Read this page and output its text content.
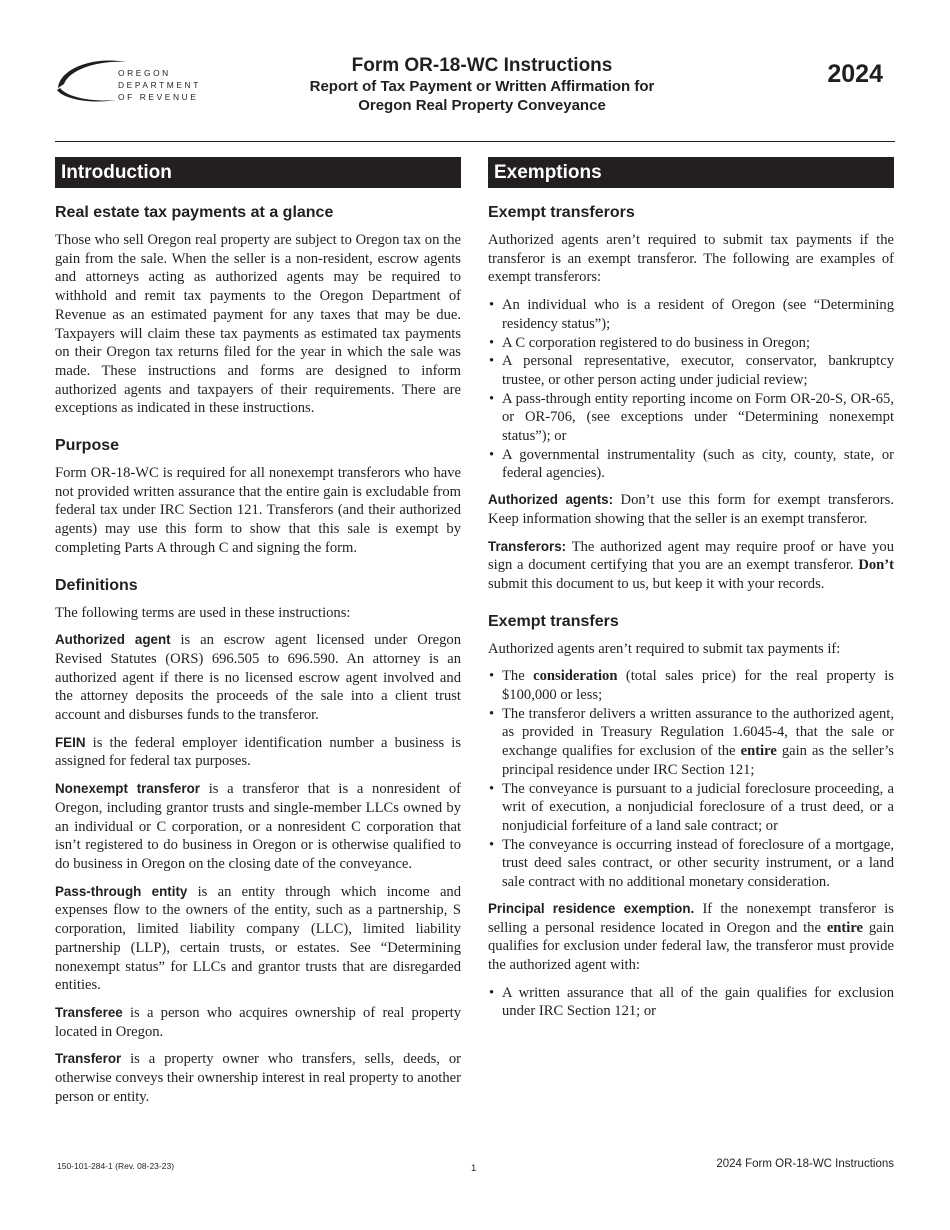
OREGON
DEPARTMENT
OF REVENUE
Form OR-18-WC Instructions
Report of Tax Payment or Written Affirmation for
Oregon Real Property Conveyance
2024
Introduction
Real estate tax payments at a glance

Those who sell Oregon real property are subject to Oregon tax on the gain from the sale. When the seller is a non-resident, escrow agents and attorneys acting as authorized agents may be required to withhold and remit tax payments to the Oregon Department of Revenue as an estimated payment for any taxes that may be due. Taxpayers will claim these tax payments as estimated tax payments on their Oregon tax returns filed for the year in which the sale was made. These instructions and forms are designed to inform authorized agents and taxpayers of their requirements. There are exceptions as indicated in these instructions.

Purpose

Form OR-18-WC is required for all nonexempt transferors who have not provided written assurance that the entire gain is excludable from federal tax under IRC Section 121. Transferors (and their authorized agents) may use this form to show that this sale is exempt by completing Parts A through C and signing the form.

Definitions

The following terms are used in these instructions:

Authorized agent is an escrow agent licensed under Oregon Revised Statutes (ORS) 696.505 to 696.590. An attorney is an authorized agent if there is no licensed escrow agent involved and the attorney deposits the proceeds of the sale into a client trust account and disburses funds to the transferor.

FEIN is the federal employer identification number a business is assigned for federal tax purposes.

Nonexempt transferor is a transferor that is a nonresident of Oregon, including grantor trusts and single-member LLCs owned by an individual or C corporation, or a nonresident C corporation that isn’t registered to do business in Oregon or is otherwise qualified to do business in Oregon on the closing date of the conveyance.

Pass-through entity is an entity through which income and expenses flow to the owners of the entity, such as a partnership, S corporation, limited liability company (LLC), limited liability partnership (LLP), certain trusts, or estates. See “Determining nonexempt status” for LLCs and grantor trusts that are disregarded entities.

Transferee is a person who acquires ownership of real property located in Oregon.

Transferor is a property owner who transfers, sells, deeds, or otherwise conveys their ownership interest in real property to another person or entity.

Exemptions
Exempt transferors

Authorized agents aren’t required to submit tax payments if the transferor is an exempt transferor. The following are examples of exempt transferors:

• An individual who is a resident of Oregon (see “Determining residency status”);
• A C corporation registered to do business in Oregon;
• A personal representative, executor, conservator, bankruptcy trustee, or other person acting under judicial review;
• A pass-through entity reporting income on Form OR-20-S, OR-65, or OR-706, (see exceptions under “Determining nonexempt status”); or
• A governmental instrumentality (such as city, county, state, or federal agencies).

Authorized agents: Don’t use this form for exempt transferors. Keep information showing that the seller is an exempt transferor.

Transferors: The authorized agent may require proof or have you sign a document certifying that you are an exempt transferor. Don’t submit this document to us, but keep it with your records.

Exempt transfers

Authorized agents aren’t required to submit tax payments if:

• The consideration (total sales price) for the real property is $100,000 or less;
• The transferor delivers a written assurance to the authorized agent, as provided in Treasury Regulation 1.6045-4, that the sale or exchange qualifies for exclusion of the entire gain as the seller’s principal residence under IRC Section 121;
• The conveyance is pursuant to a judicial foreclosure proceeding, a writ of execution, a nonjudicial foreclosure of a trust deed, or a nonjudicial forfeiture of a land sale contract; or
• The conveyance is occurring instead of foreclosure of a mortgage, trust deed sales contract, or other security instrument, or a land sale contract with no additional monetary consideration.

Principal residence exemption. If the nonexempt transferor is selling a personal residence located in Oregon and the entire gain qualifies for exclusion under federal law, the transferor must provide the authorized agent with:

• A written assurance that all of the gain qualifies for exclusion under IRC Section 121; or
150-101-284-1 (Rev. 08-23-23)	1	2024 Form OR-18-WC Instructions
